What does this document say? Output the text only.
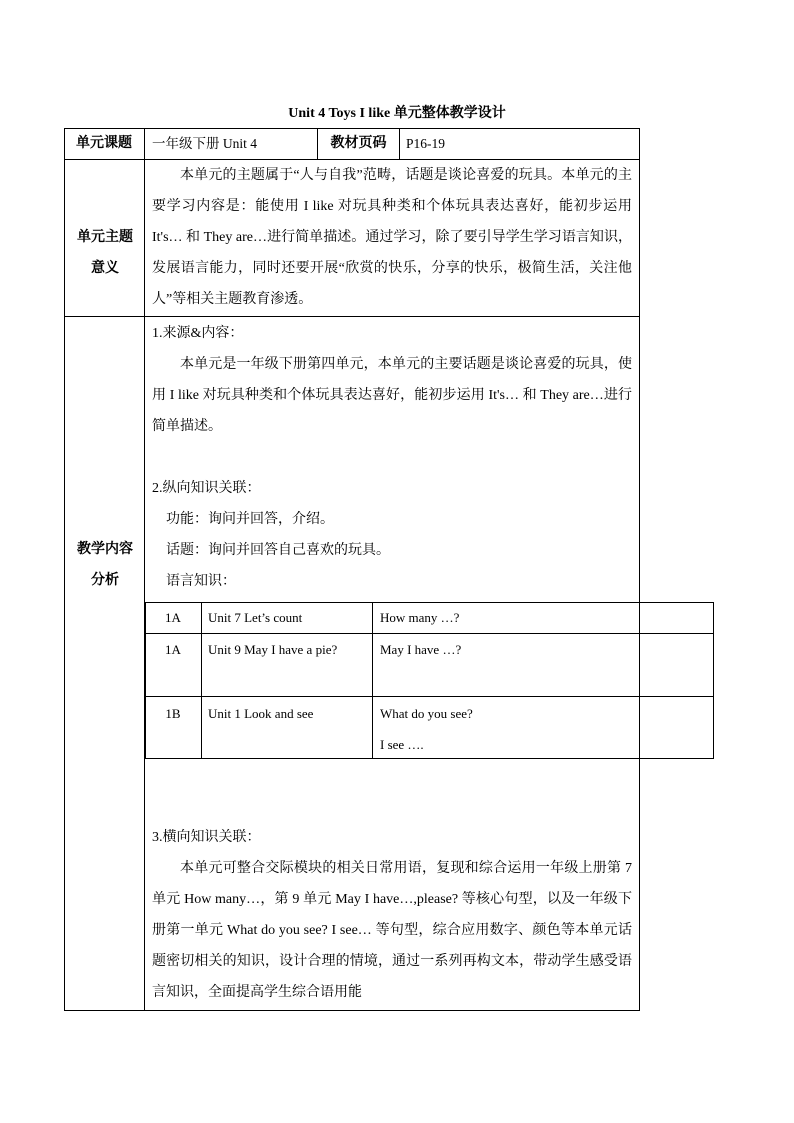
Unit 4 Toys I like 单元整体教学设计
单元课题	一年级下册 Unit 4	教材页码	P16-19
单元主题
意义

本单元的主题属于“人与自我”范畴，话题是谈论喜爱的玩具。本单元的主要学习内容是：能使用 I like 对玩具种类和个体玩具表达喜好，能初步运用 It's… 和 They are…进行简单描述。通过学习，除了要引导学生学习语言知识，发展语言能力，同时还要开展“欣赏的快乐，分享的快乐，极简生活，关注他人”等相关主题教育渗透。

教学内容
分析
1.来源&内容：

本单元是一年级下册第四单元，本单元的主要话题是谈论喜爱的玩具，使用 I like 对玩具种类和个体玩具表达喜好，能初步运用 It's… 和 They are…进行简单描述。

2.纵向知识关联：
功能：询问并回答，介绍。
话题：询问并回答自己喜欢的玩具。
语言知识：
1A	Unit 7 Let’s count	How many …?
1A	Unit 9 May I have a pie?	May I have …?
1B	Unit 1 Look and see	What do you see?
I see ….
3.横向知识关联：

本单元可整合交际模块的相关日常用语，复现和综合运用一年级上册第 7 单元 How many…，第 9 单元 May I have…,please? 等核心句型，以及一年级下册第一单元 What do you see? I see… 等句型，综合应用数字、颜色等本单元话题密切相关的知识，设计合理的情境，通过一系列再构文本，带动学生感受语言知识，全面提高学生综合语用能
